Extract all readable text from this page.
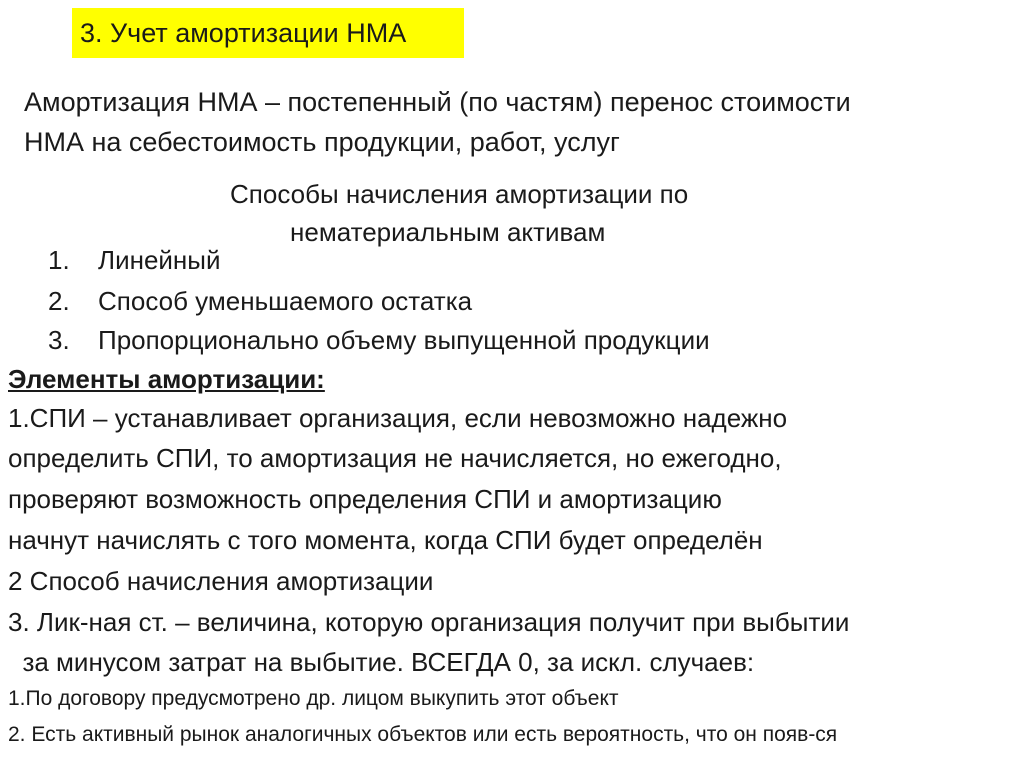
3. Учет амортизации НМА
Амортизация НМА – постепенный (по частям) перенос стоимости
НМА на себестоимость продукции, работ, услуг
Способы начисления амортизации по
нематериальным активам
1. Линейный
2. Способ уменьшаемого остатка
3. Пропорционально объему выпущенной продукции
Элементы амортизации:
1.СПИ – устанавливает организация, если невозможно надежно
определить СПИ, то амортизация не начисляется, но ежегодно,
проверяют возможность определения СПИ и амортизацию
начнут начислять с того момента, когда СПИ будет определён
2 Способ начисления амортизации
3. Лик-ная ст. – величина, которую организация получит при выбытии
за минусом затрат на выбытие. ВСЕГДА 0, за искл. случаев:
1.По договору предусмотрено др. лицом выкупить этот объект
2. Есть активный рынок аналогичных объектов или есть вероятность, что он появ-ся
